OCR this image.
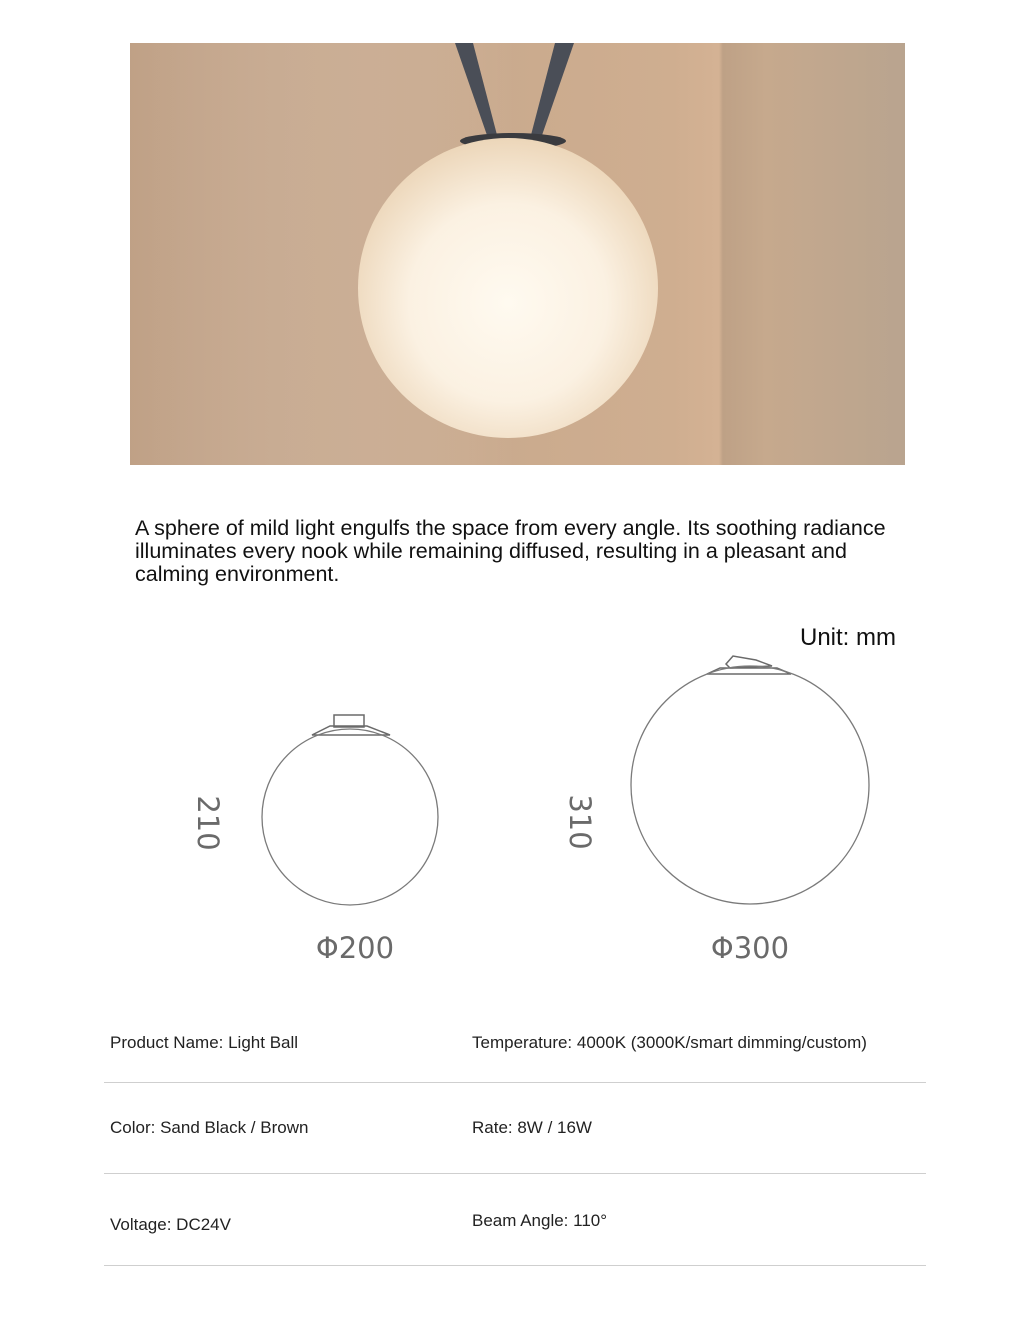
A sphere of mild light engulfs the space from every angle. Its soothing radiance illuminates every nook while remaining diffused, resulting in a pleasant and calming environment.
Unit: mm
210
Φ200
310
Φ300
Product Name: Light Ball	Temperature: 4000K (3000K/smart dimming/custom)
Color: Sand Black / Brown	Rate: 8W / 16W
Voltage: DC24V	Beam Angle: 110°
